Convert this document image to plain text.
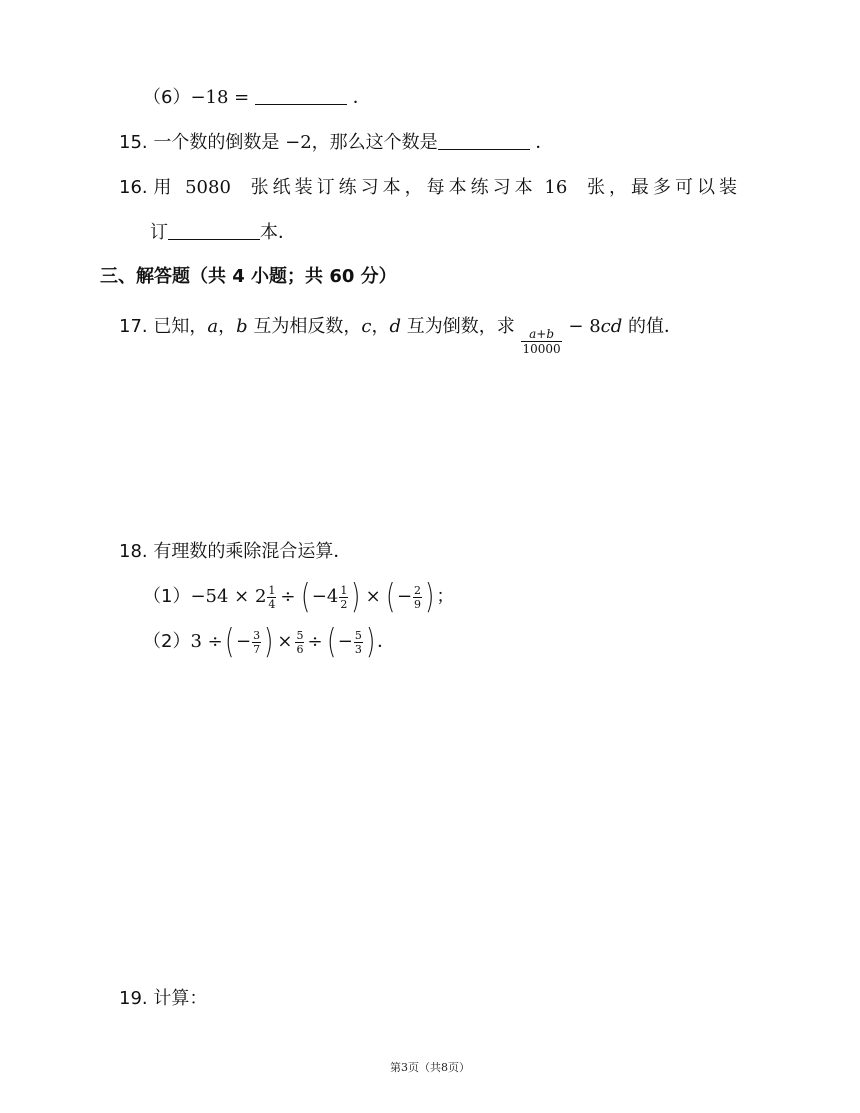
（6）−18 =	．
15. 一个数的倒数是 −2，那么这个数是	．
16. 用 5080 张纸装订练习本，每本练习本 16 张，最多可以装
订	本．
三、解答题（共 4 小题；共 60 分）
17. 已知，a，b 互为相反数，c，d 互为倒数，求
$\frac{a+b}{10000}$
− 8cd 的值．
18. 有理数的乘除混合运算．
$(1) -54 \times 2 \frac{1}{4}$ ÷ ( $-4 \frac{1}{2}$ ) × ( − $\frac{2}{9}$ ) ；
（2） 3 ÷ ( − $\frac{3}{7}$ ) × $\frac{5}{6}$ ÷ ( − $\frac{5}{3}$ ) ．
19. 计算：
第3页（共8页）
